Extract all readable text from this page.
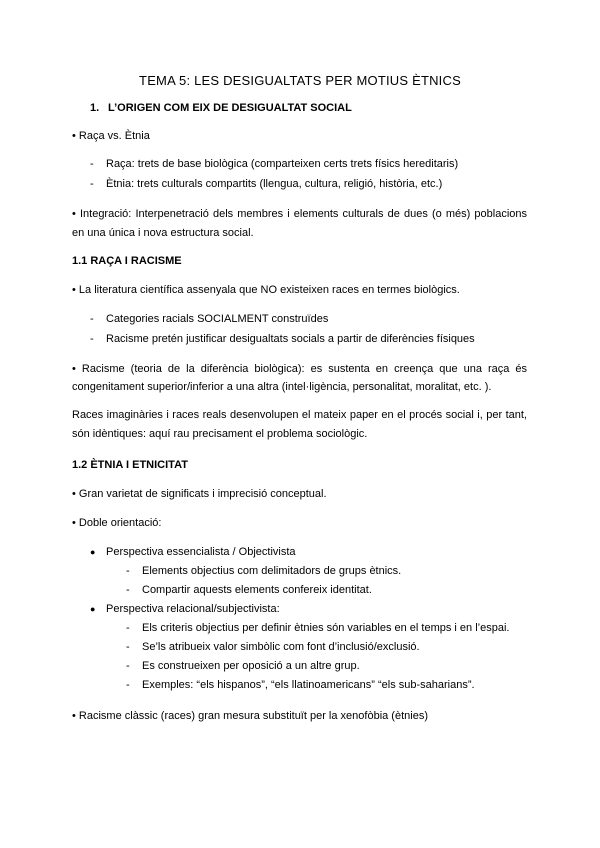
TEMA 5: LES DESIGUALTATS PER MOTIUS ÈTNICS
1. L’ORIGEN COM EIX DE DESIGUALTAT SOCIAL
• Raça vs. Ètnia
- Raça: trets de base biològica (comparteixen certs trets físics hereditaris)
- Ètnia: trets culturals compartits (llengua, cultura, religió, història, etc.)
• Integració: Interpenetració dels membres i elements culturals de dues (o més) poblacions
en una única i nova estructura social.
1.1 RAÇA I RACISME
• La literatura científica assenyala que NO existeixen races en termes biològics.
- Categories racials SOCIALMENT construïdes
- Racisme pretén justificar desigualtats socials a partir de diferències físiques
• Racisme (teoria de la diferència biològica): es sustenta en creença que una raça és
congenitament superior/inferior a una altra (intel·ligència, personalitat, moralitat, etc. ).
Races imaginàries i races reals desenvolupen el mateix paper en el procés social i, per tant,
són idèntiques: aquí rau precisament el problema sociològic.
1.2 ÈTNIA I ETNICITAT
• Gran varietat de significats i imprecisió conceptual.
• Doble orientació:
● Perspectiva essencialista / Objectivista
- Elements objectius com delimitadors de grups ètnics.
- Compartir aquests elements confereix identitat.
● Perspectiva relacional/subjectivista:
- Els criteris objectius per definir ètnies són variables en el temps i en l’espai.
- Se’ls atribueix valor simbòlic com font d’inclusió/exclusió.
- Es construeixen per oposició a un altre grup.
- Exemples: “els hispanos”, “els llatinoamericans” “els sub-saharians”.
• Racisme clàssic (races) gran mesura substituït per la xenofòbia (ètnies)
